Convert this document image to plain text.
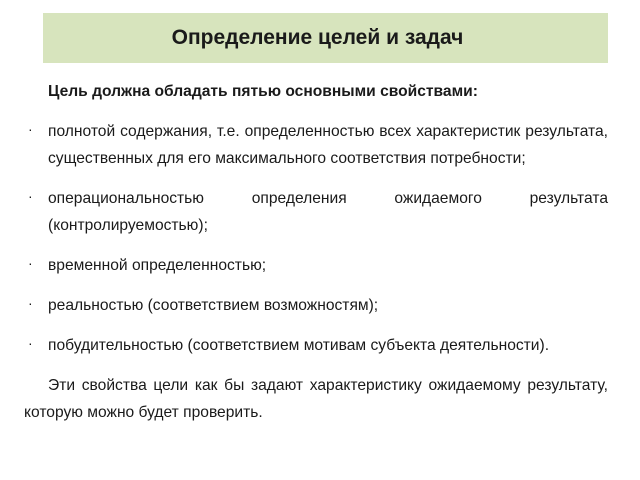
Определение целей и задач

Цель должна обладать пятью основными свойствами:

· полнотой содержания, т.е. определенностью всех характеристик результата, существенных для его максимального соответствия потребности;
· операциональностью определения ожидаемого результата (контролируемостью);
· временной определенностью;
· реальностью (соответствием возможностям);
· побудительностью (соответствием мотивам субъекта деятельности).

Эти свойства цели как бы задают характеристику ожидаемому результату, которую можно будет проверить.
